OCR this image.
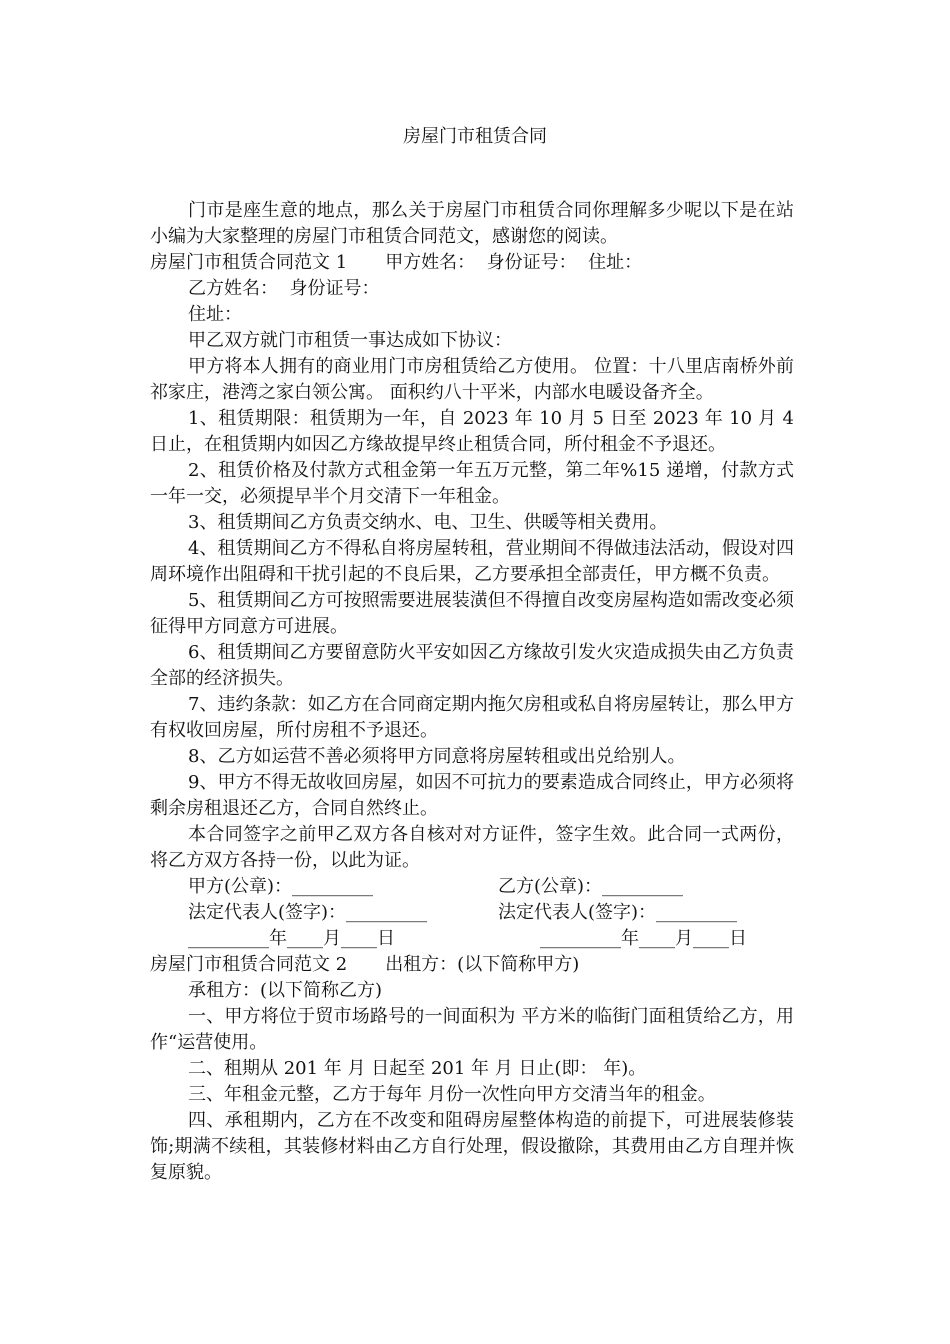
房屋门市租赁合同

门市是座生意的地点，那么关于房屋门市租赁合同你理解多少呢以下是在站小编为大家整理的房屋门市租赁合同范文，感谢您的阅读。

房屋门市租赁合同范文 1 甲方姓名：  身份证号：  住址：

乙方姓名：  身份证号：

住址：

甲乙双方就门市租赁一事达成如下协议：

甲方将本人拥有的商业用门市房租赁给乙方使用。 位置：十八里店南桥外前祁家庄，港湾之家白领公寓。 面积约八十平米，内部水电暖设备齐全。

1、租赁期限：租赁期为一年，自 2023 年 10 月 5 日至 2023 年 10 月 4 日止，在租赁期内如因乙方缘故提早终止租赁合同，所付租金不予退还。

2、租赁价格及付款方式租金第一年五万元整，第二年%15 递增，付款方式一年一交，必须提早半个月交清下一年租金。

3、租赁期间乙方负责交纳水、电、卫生、供暖等相关费用。

4、租赁期间乙方不得私自将房屋转租，营业期间不得做违法活动，假设对四周环境作出阻碍和干扰引起的不良后果，乙方要承担全部责任，甲方概不负责。

5、租赁期间乙方可按照需要进展装潢但不得擅自改变房屋构造如需改变必须征得甲方同意方可进展。

6、租赁期间乙方要留意防火平安如因乙方缘故引发火灾造成损失由乙方负责全部的经济损失。

7、违约条款：如乙方在合同商定期内拖欠房租或私自将房屋转让，那么甲方有权收回房屋，所付房租不予退还。

8、乙方如运营不善必须将甲方同意将房屋转租或出兑给别人。

9、甲方不得无故收回房屋，如因不可抗力的要素造成合同终止，甲方必须将剩余房租退还乙方，合同自然终止。

本合同签字之前甲乙双方各自核对对方证件，签字生效。此合同一式两份，将乙方双方各持一份，以此为证。

甲方(公章)：_________	乙方(公章)：_________
法定代表人(签字)：_________	法定代表人(签字)：_________
_________年____月____日	_________年____月____日

房屋门市租赁合同范文 2 出租方：(以下简称甲方)

承租方：(以下简称乙方)

一、甲方将位于贸市场路号的一间面积为 平方米的临街门面租赁给乙方，用作“运营使用。

二、租期从 201 年 月 日起至 201 年 月 日止(即： 年)。

三、年租金元整，乙方于每年 月份一次性向甲方交清当年的租金。

四、承租期内，乙方在不改变和阻碍房屋整体构造的前提下，可进展装修装饰;期满不续租，其装修材料由乙方自行处理，假设撤除，其费用由乙方自理并恢复原貌。
